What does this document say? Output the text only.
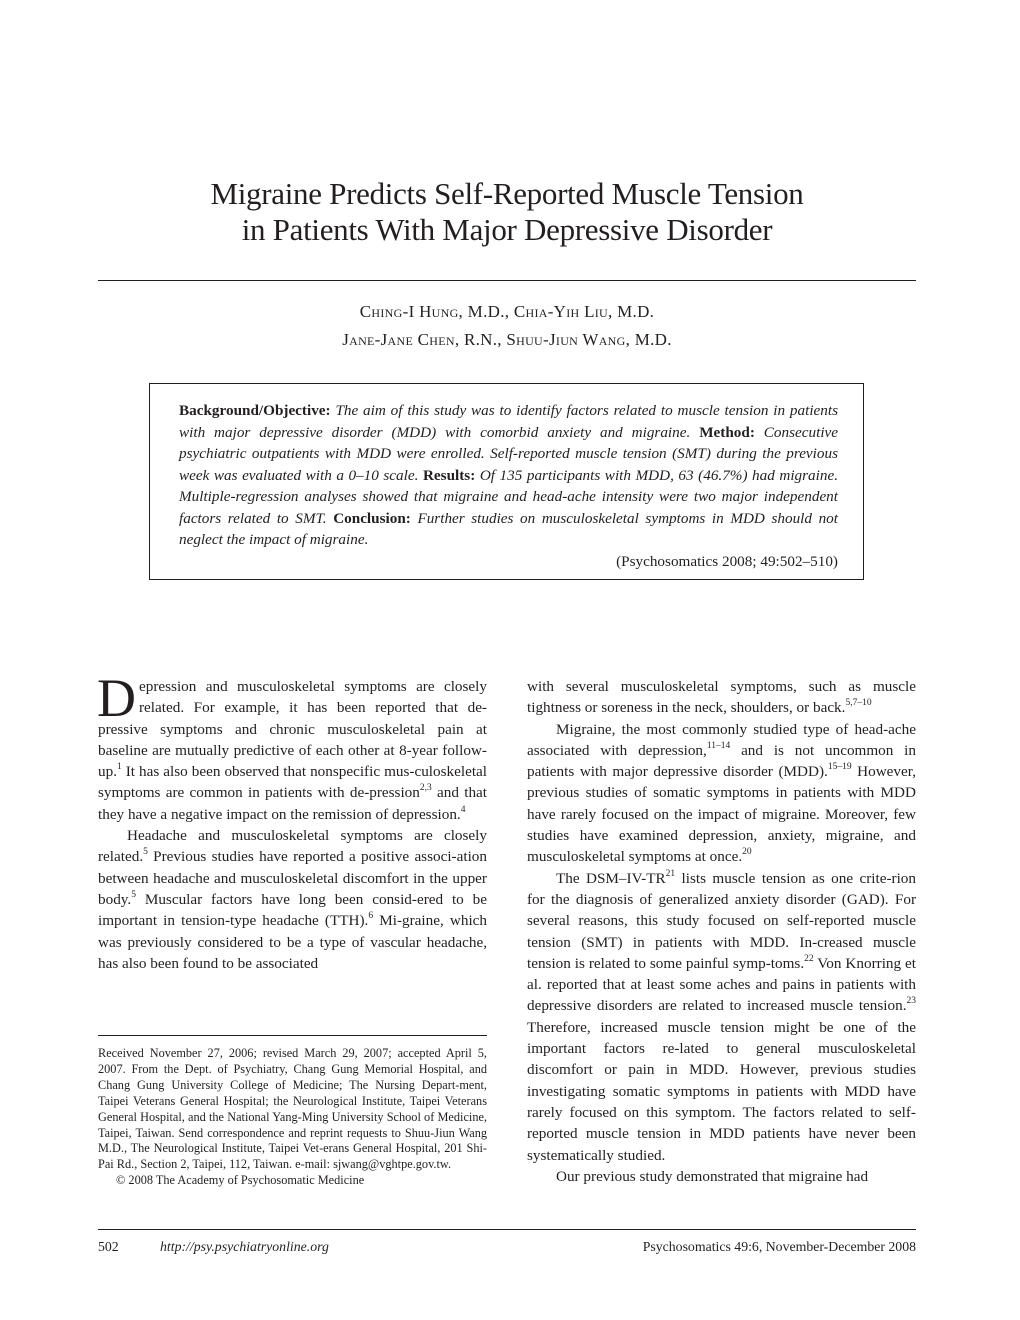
Migraine Predicts Self-Reported Muscle Tension
in Patients With Major Depressive Disorder
Ching-I Hung, M.D., Chia-Yih Liu, M.D.
Jane-Jane Chen, R.N., Shuu-Jiun Wang, M.D.
Background/Objective: The aim of this study was to identify factors related to muscle tension in patients with major depressive disorder (MDD) with comorbid anxiety and migraine. Method: Consecutive psychiatric outpatients with MDD were enrolled. Self-reported muscle tension (SMT) during the previous week was evaluated with a 0–10 scale. Results: Of 135 participants with MDD, 63 (46.7%) had migraine. Multiple-regression analyses showed that migraine and head-ache intensity were two major independent factors related to SMT. Conclusion: Further studies on musculoskeletal symptoms in MDD should not neglect the impact of migraine.
(Psychosomatics 2008; 49:502–510)

Depression and musculoskeletal symptoms are closely related. For example, it has been reported that de-pressive symptoms and chronic musculoskeletal pain at baseline are mutually predictive of each other at 8-year follow-up.$^1$ It has also been observed that nonspecific mus-culoskeletal symptoms are common in patients with de-pression$^{2,3}$ and that they have a negative impact on the remission of depression.$^4$

Headache and musculoskeletal symptoms are closely related.$^5$ Previous studies have reported a positive associ-ation between headache and musculoskeletal discomfort in the upper body.$^5$ Muscular factors have long been consid-ered to be important in tension-type headache (TTH).$^6$ Mi-graine, which was previously considered to be a type of vascular headache, has also been found to be associated

with several musculoskeletal symptoms, such as muscle tightness or soreness in the neck, shoulders, or back.$^{5,7-10}$

Migraine, the most commonly studied type of head-ache associated with depression,$^{11-14}$ and is not uncommon in patients with major depressive disorder (MDD).$^{15-19}$ However, previous studies of somatic symptoms in patients with MDD have rarely focused on the impact of migraine. Moreover, few studies have examined depression, anxiety, migraine, and musculoskeletal symptoms at once.$^{20}$

The DSM–IV-TR$^{21}$ lists muscle tension as one crite-rion for the diagnosis of generalized anxiety disorder (GAD). For several reasons, this study focused on self-reported muscle tension (SMT) in patients with MDD. In-creased muscle tension is related to some painful symp-toms.$^{22}$ Von Knorring et al. reported that at least some aches and pains in patients with depressive disorders are related to increased muscle tension.$^{23}$ Therefore, increased muscle tension might be one of the important factors re-lated to general musculoskeletal discomfort or pain in MDD. However, previous studies investigating somatic symptoms in patients with MDD have rarely focused on this symptom. The factors related to self-reported muscle tension in MDD patients have never been systematically studied.

Our previous study demonstrated that migraine had

Received November 27, 2006; revised March 29, 2007; accepted April 5, 2007. From the Dept. of Psychiatry, Chang Gung Memorial Hospital, and Chang Gung University College of Medicine; The Nursing Depart-ment, Taipei Veterans General Hospital; the Neurological Institute, Taipei Veterans General Hospital, and the National Yang-Ming University School of Medicine, Taipei, Taiwan. Send correspondence and reprint requests to Shuu-Jiun Wang M.D., The Neurological Institute, Taipei Vet-erans General Hospital, 201 Shi-Pai Rd., Section 2, Taipei, 112, Taiwan. e-mail: sjwang@vghtpe.gov.tw.

© 2008 The Academy of Psychosomatic Medicine

502	http://psy.psychiatryonline.org	Psychosomatics 49:6, November-December 2008
